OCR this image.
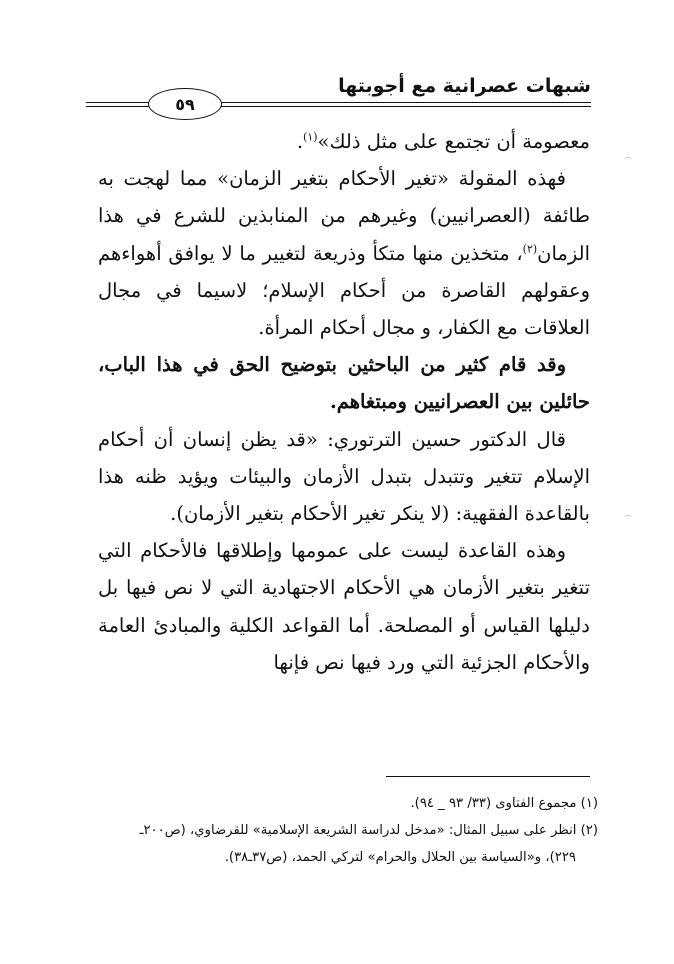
شبهات عصرانية مع أجوبتها
٥٩

معصومة أن تجتمع على مثل ذلك»$^{(١)}$.

فهذه المقولة «تغير الأحكام بتغير الزمان» مما لهجت به طائفة (العصرانيين) وغيرهم من المنابذين للشرع في هذا الزمان$^{(٢)}$، متخذين منها متكأ وذريعة لتغيير ما لا يوافق أهواءهم وعقولهم القاصرة من أحكام الإسلام؛ لاسيما في مجال العلاقات مع الكفار، و مجال أحكام المرأة.

وقد قام كثير من الباحثين بتوضيح الحق في هذا الباب، حائلين بين العصرانيين ومبتغاهم.

قال الدكتور حسين الترتوري: «قد يظن إنسان أن أحكام الإسلام تتغير وتتبدل بتبدل الأزمان والبيئات ويؤيد ظنه هذا بالقاعدة الفقهية: (لا ينكر تغير الأحكام بتغير الأزمان).

وهذه القاعدة ليست على عمومها وإطلاقها فالأحكام التي تتغير بتغير الأزمان هي الأحكام الاجتهادية التي لا نص فيها بل دليلها القياس أو المصلحة. أما القواعد الكلية والمبادئ العامة والأحكام الجزئية التي ورد فيها نص فإنها

(١) مجموع الفتاوى (٣٣/ ٩٣ _ ٩٤).

(٢) انظر على سبيل المثال: «مدخل لدراسة الشريعة الإسلامية» للقرضاوي، (ص٢٠٠ـ

٢٢٩)، و«السياسة بين الحلال والحرام» لتركي الحمد، (ص٣٧ـ٣٨).
